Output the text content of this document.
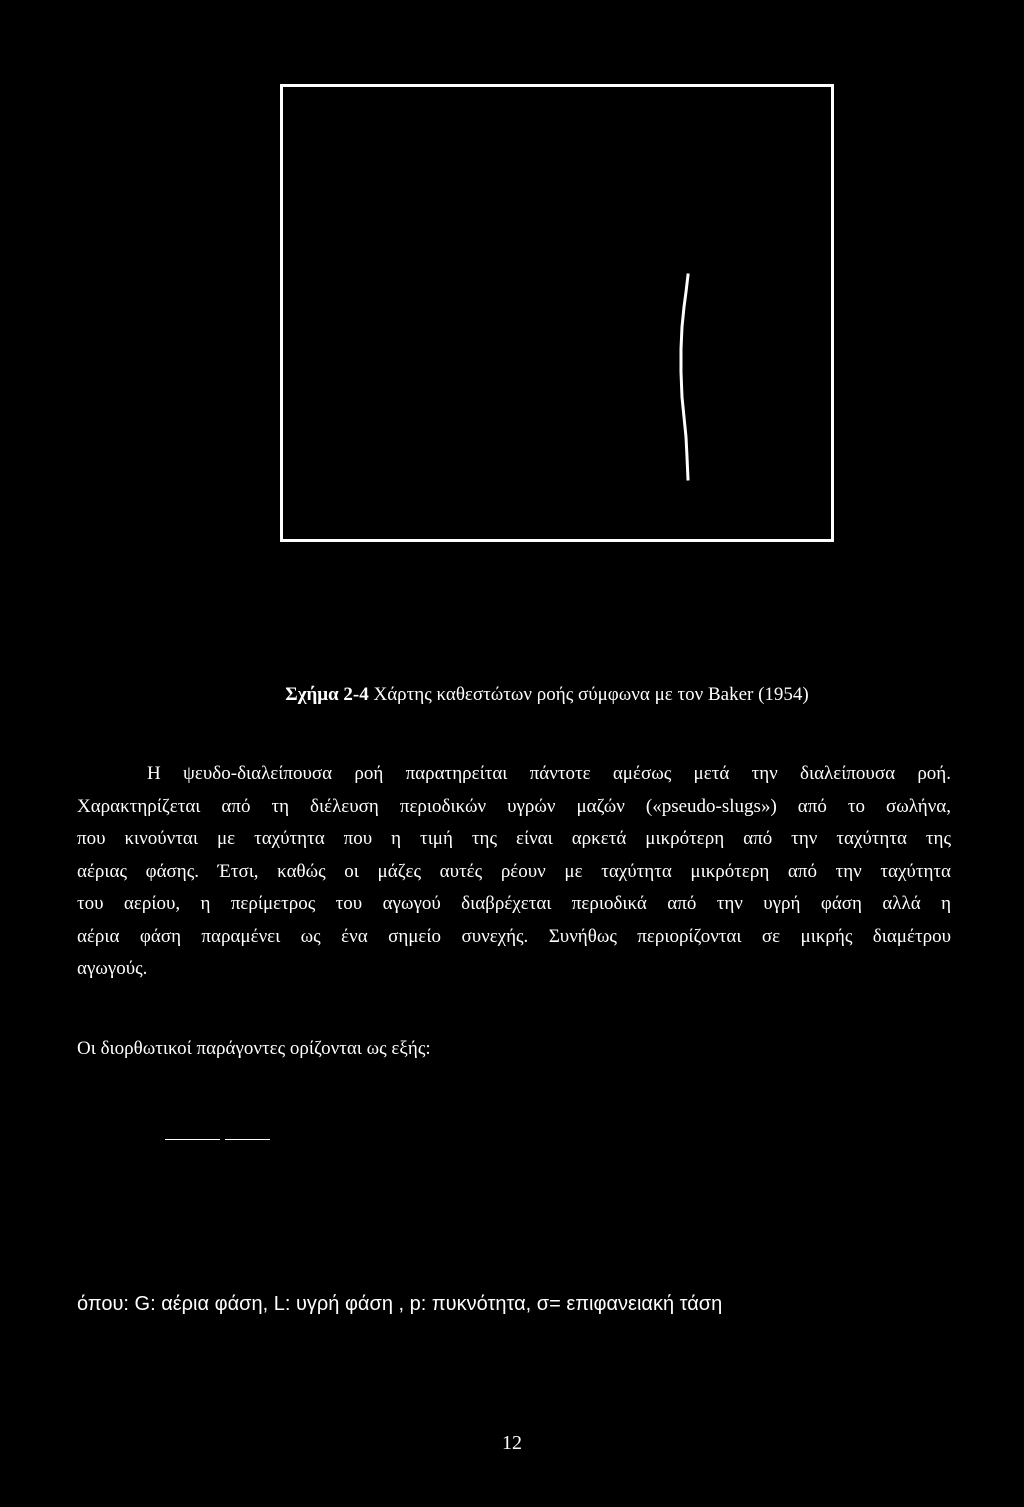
Σχήμα 2-4 Χάρτης καθεστώτων ροής σύμφωνα με τον Baker (1954)
Η ψευδο-διαλείπουσα ροή παρατηρείται πάντοτε αμέσως μετά την διαλείπουσα ροή.
Χαρακτηρίζεται από τη διέλευση περιοδικών υγρών μαζών («pseudo-slugs») από το σωλήνα,
που κινούνται με ταχύτητα που η τιμή της είναι αρκετά μικρότερη από την ταχύτητα της
αέριας φάσης. Έτσι, καθώς οι μάζες αυτές ρέουν με ταχύτητα μικρότερη από την ταχύτητα
του αερίου, η περίμετρος του αγωγού διαβρέχεται περιοδικά από την υγρή φάση αλλά η
αέρια φάση παραμένει ως ένα σημείο συνεχής. Συνήθως περιορίζονται σε μικρής διαμέτρου
αγωγούς.
Οι διορθωτικοί παράγοντες ορίζονται ως εξής:
όπου: G: αέρια φάση, L: υγρή φάση , p: πυκνότητα, σ= επιφανειακή τάση
12
